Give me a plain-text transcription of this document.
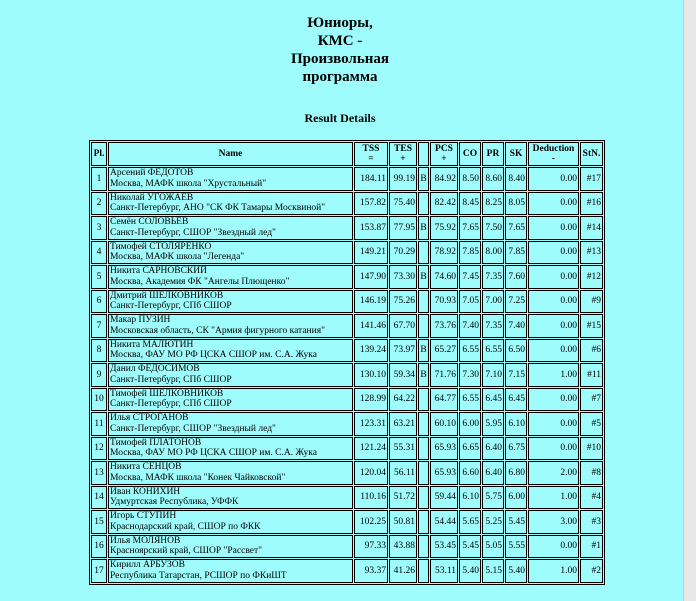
Юниоры,
КМС -
Произвольная
программа
Result Details
Pl.	Name	TSS
=	TES
+		PCS
+	CO	PR	SK	Deduction
-	StN.
1	Арсений ФЕДОТОВ
Москва, МАФК школа "Хрустальный"	184.11	99.19	B	84.92	8.50	8.60	8.40	0.00	#17
2	Николай УГОЖАЕВ
Санкт-Петербург, АНО "СК ФК Тамары Москвиной"	157.82	75.40		82.42	8.45	8.25	8.05	0.00	#16
3	Семён СОЛОВЬЕВ
Санкт-Петербург, СШОР "Звездный лед"	153.87	77.95	B	75.92	7.65	7.50	7.65	0.00	#14
4	Тимофей СТОЛЯРЕНКО
Москва, МАФК школа "Легенда"	149.21	70.29		78.92	7.85	8.00	7.85	0.00	#13
5	Никита САРНОВСКИЙ
Москва, Академия ФК "Ангелы Плющенко"	147.90	73.30	B	74.60	7.45	7.35	7.60	0.00	#12
6	Дмитрий ШЕЛКОВНИКОВ
Санкт-Петербург, СПб СШОР	146.19	75.26		70.93	7.05	7.00	7.25	0.00	#9
7	Макар ПУЗИН
Московская область, СК "Армия фигурного катания"	141.46	67.70		73.76	7.40	7.35	7.40	0.00	#15
8	Никита МАЛЮТИН
Москва, ФАУ МО РФ ЦСКА СШОР им. С.А. Жука	139.24	73.97	B	65.27	6.55	6.55	6.50	0.00	#6
9	Данил ФЕДОСИМОВ
Санкт-Петербург, СПб СШОР	130.10	59.34	B	71.76	7.30	7.10	7.15	1.00	#11
10	Тимофей ШЕЛКОВНИКОВ
Санкт-Петербург, СПб СШОР	128.99	64.22		64.77	6.55	6.45	6.45	0.00	#7
11	Илья СТРОГАНОВ
Санкт-Петербург, СШОР "Звездный лед"	123.31	63.21		60.10	6.00	5.95	6.10	0.00	#5
12	Тимофей ПЛАТОНОВ
Москва, ФАУ МО РФ ЦСКА СШОР им. С.А. Жука	121.24	55.31		65.93	6.65	6.40	6.75	0.00	#10
13	Никита СЕНЦОВ
Москва, МАФК школа "Конек Чайковской"	120.04	56.11		65.93	6.60	6.40	6.80	2.00	#8
14	Иван КОНИХИН
Удмуртская Республика, УФФК	110.16	51.72		59.44	6.10	5.75	6.00	1.00	#4
15	Игорь СТУПИН
Краснодарский край, СШОР по ФКК	102.25	50.81		54.44	5.65	5.25	5.45	3.00	#3
16	Илья МОЛЯНОВ
Красноярский край, СШОР "Рассвет"	97.33	43.88		53.45	5.45	5.05	5.55	0.00	#1
17	Кирилл АРБУЗОВ
Республика Татарстан, РСШОР по ФКиШТ	93.37	41.26		53.11	5.40	5.15	5.40	1.00	#2
